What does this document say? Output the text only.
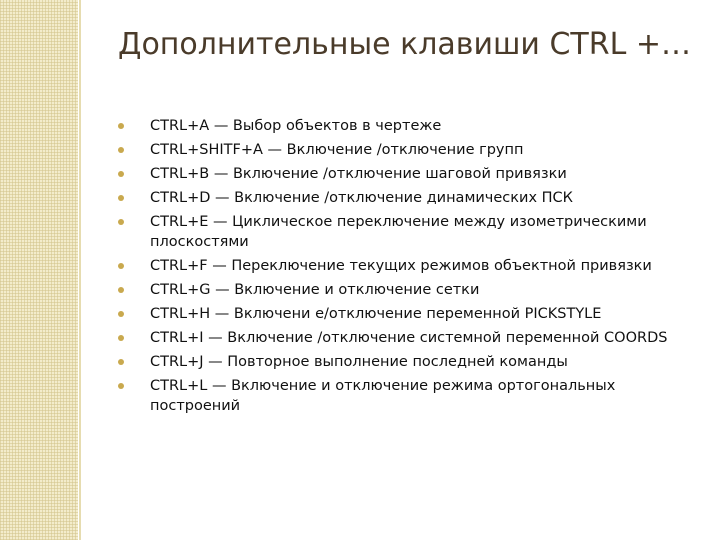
Дополнительные клавиши CTRL +…
CTRL+A — Выбор объектов в чертеже
CTRL+SHITF+A — Включение /отключение групп
CTRL+B — Включение /отключение шаговой привязки
CTRL+D — Включение /отключение динамических ПСК
CTRL+E — Циклическое переключение между изометрическими плоскостями
CTRL+F — Переключение текущих режимов объектной привязки
CTRL+G — Включение и отключение сетки
CTRL+H — Включени е/отключение переменной PICKSTYLE
CTRL+I — Включение /отключение системной переменной COORDS
CTRL+J — Повторное выполнение последней команды
CTRL+L — Включение и отключение режима ортогональных построений
